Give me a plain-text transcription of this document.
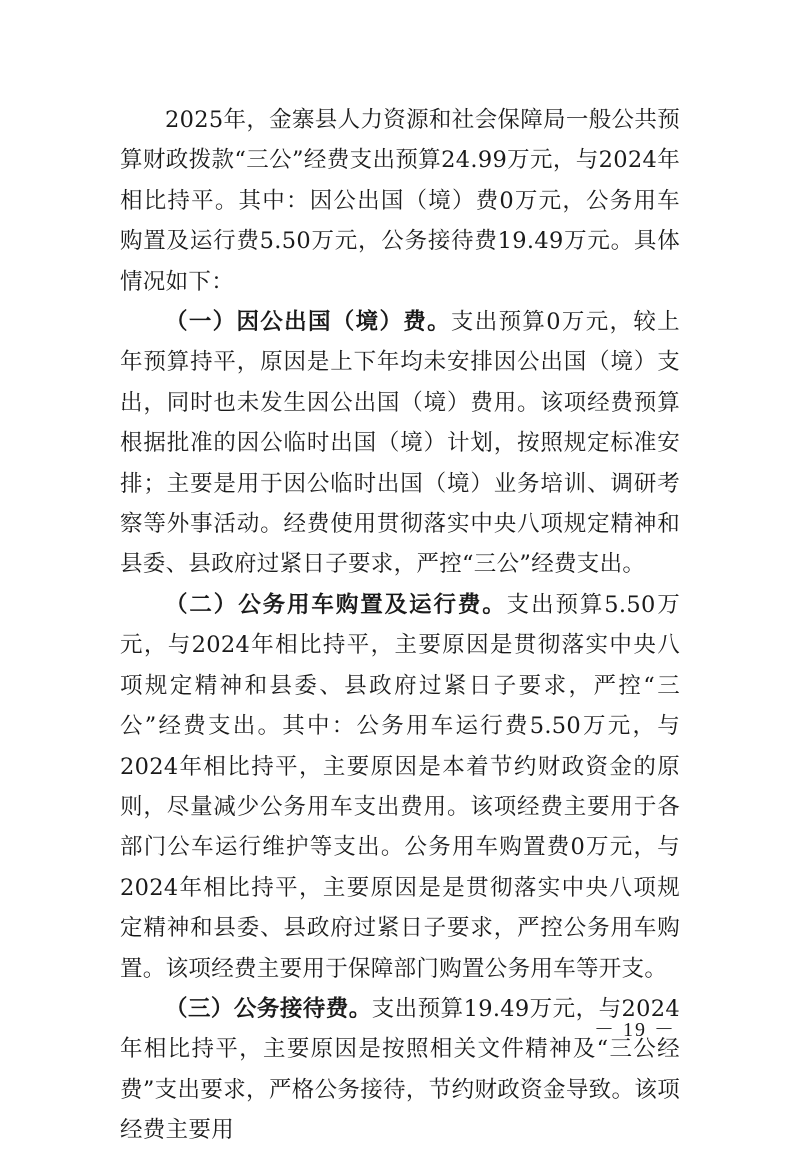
2025年，金寨县人力资源和社会保障局一般公共预算财政拨款“三公”经费支出预算24.99万元，与2024年相比持平。其中：因公出国（境）费0万元，公务用车购置及运行费5.50万元，公务接待费19.49万元。具体情况如下：

（一）因公出国（境）费。支出预算0万元，较上年预算持平，原因是上下年均未安排因公出国（境）支出，同时也未发生因公出国（境）费用。该项经费预算根据批准的因公临时出国（境）计划，按照规定标准安排；主要是用于因公临时出国（境）业务培训、调研考察等外事活动。经费使用贯彻落实中央八项规定精神和县委、县政府过紧日子要求，严控“三公”经费支出。

（二）公务用车购置及运行费。支出预算5.50万元，与2024年相比持平，主要原因是贯彻落实中央八项规定精神和县委、县政府过紧日子要求，严控“三公”经费支出。其中：公务用车运行费5.50万元，与2024年相比持平，主要原因是本着节约财政资金的原则，尽量减少公务用车支出费用。该项经费主要用于各部门公车运行维护等支出。公务用车购置费0万元，与2024年相比持平，主要原因是是贯彻落实中央八项规定精神和县委、县政府过紧日子要求，严控公务用车购置。该项经费主要用于保障部门购置公务用车等开支。

（三）公务接待费。支出预算19.49万元，与2024年相比持平，主要原因是按照相关文件精神及“三公经费”支出要求，严格公务接待，节约财政资金导致。该项经费主要用

－ 19 －
